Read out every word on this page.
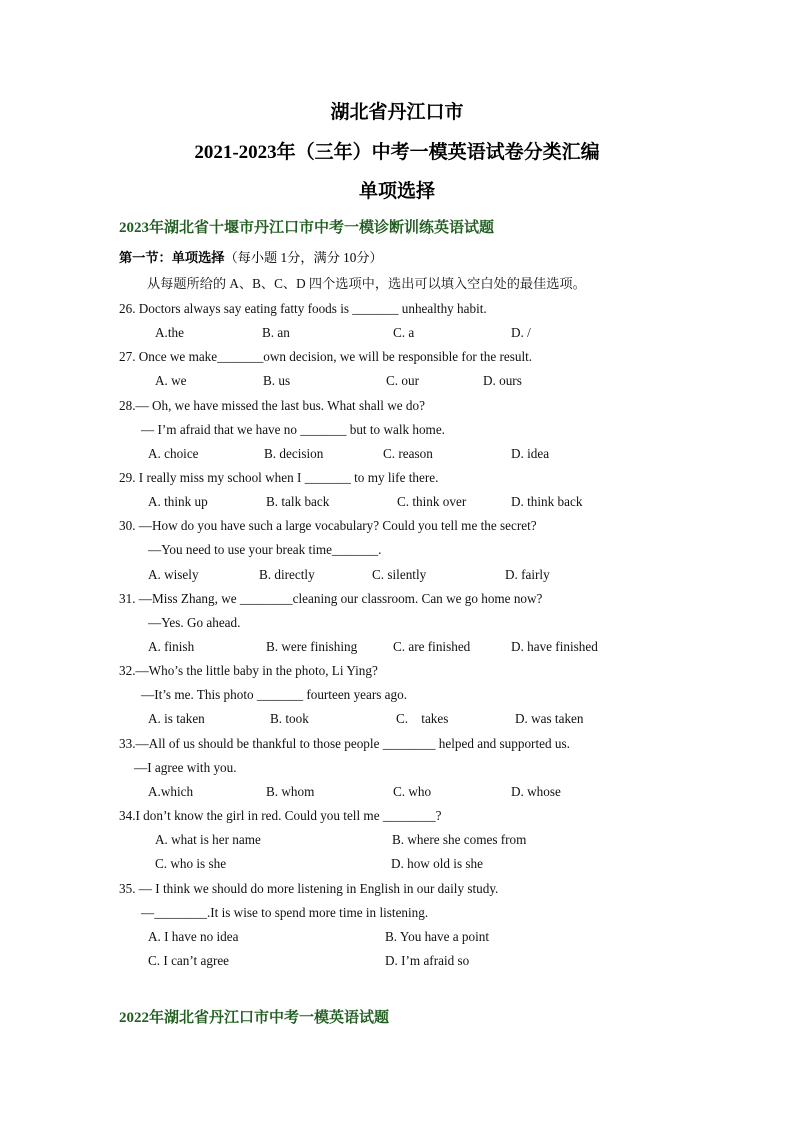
湖北省丹江口市
2021-2023年（三年）中考一模英语试卷分类汇编
单项选择
2023年湖北省十堰市丹江口市中考一模诊断训练英语试题
第一节：单项选择（每小题 1分，满分 10分）
从每题所给的 A、B、C、D 四个选项中，选出可以填入空白处的最佳选项。
26. Doctors always say eating fatty foods is _______ unhealthy habit.
A.the	B. an	C. a	D. /
27. Once we make_______own decision, we will be responsible for the result.
A. we	B. us	C. our	D. ours
28.— Oh, we have missed the last bus. What shall we do?
— I’m afraid that we have no _______ but to walk home.
A. choice	B. decision	C. reason	D. idea
29. I really miss my school when I _______ to my life there.
A. think up	B. talk back	C. think over	D. think back
30. —How do you have such a large vocabulary? Could you tell me the secret?
—You need to use your break time_______.
A. wisely	B. directly	C. silently	D. fairly
31. —Miss Zhang, we ________cleaning our classroom. Can we go home now?
—Yes. Go ahead.
A. finish	B. were finishing	C. are finished	D. have finished
32.—Who’s the little baby in the photo, Li Ying?
—It’s me. This photo _______ fourteen years ago.
A. is taken	B. took	C.    takes	D. was taken
33.—All of us should be thankful to those people ________ helped and supported us.
—I agree with you.
A.which	B. whom	C. who	D. whose
34.I don’t know the girl in red. Could you tell me ________?
A. what is her name	B. where she comes from
C. who is she	D. how old is she
35. — I think we should do more listening in English in our daily study.
—________.It is wise to spend more time in listening.
A. I have no idea	B. You have a point
C. I can’t agree	D. I’m afraid so
2022年湖北省丹江口市中考一模英语试题
